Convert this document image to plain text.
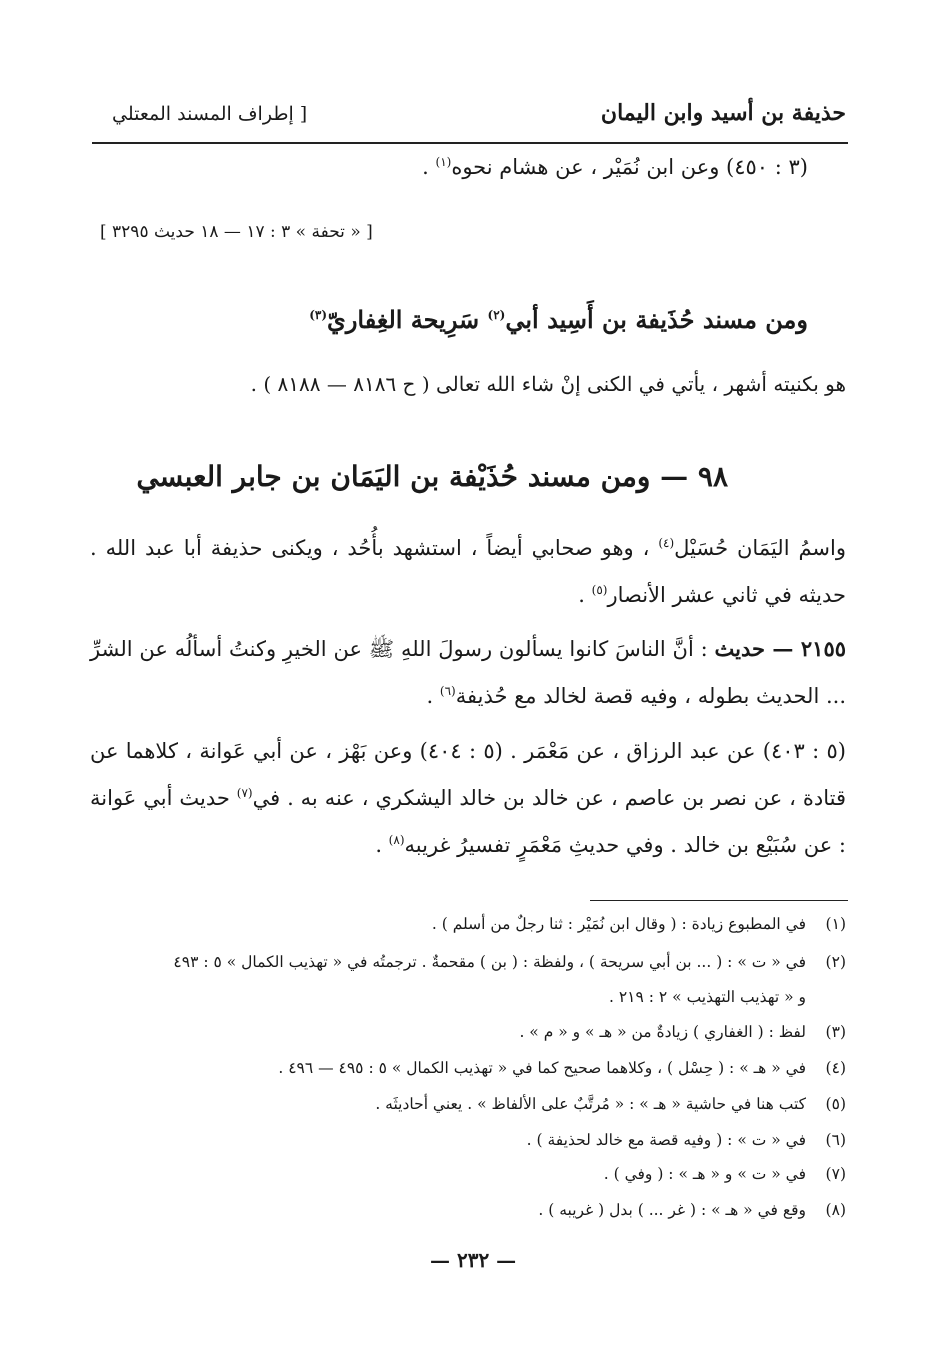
حذيفة بن أسيد وابن اليمان
[ إطراف المسند المعتلي
(٣ : ٤٥٠) وعن ابن نُمَيْر ، عن هشام نحوه$^{(١)}$ .
[ « تحفة » ٣ : ١٧ — ١٨ حديث ٣٢٩٥ ]
ومن مسند حُذَيفة بن أَسِيد أبي$^{(٢)}$ سَرِيحة الغِفاريّ$^{(٣)}$
هو بكنيته أشهر ، يأتي في الكنى إنْ شاء الله تعالى ( ح ٨١٨٦ — ٨١٨٨ ) .
٩٨ — ومن مسند حُذَيْفة بن اليَمَان بن جابر العبسي
واسمُ اليَمَان حُسَيْل$^{(٤)}$ ، وهو صحابي أيضاً ، استشهد بأُحُد ، ويكنى حذيفة أبا عبد الله . حديثه في ثاني عشر الأنصار$^{(٥)}$ .
٢١٥٥ — حديث : أنَّ الناسَ كانوا يسألون رسولَ اللهِ ﷺ عن الخيرِ وكنتُ أسألُه عن الشرِّ ... الحديث بطوله ، وفيه قصة لخالد مع حُذيفة$^{(٦)}$ .
(٥ : ٤٠٣) عن عبد الرزاق ، عن مَعْمَر . (٥ : ٤٠٤) وعن بَهْز ، عن أبي عَوانة ، كلاهما عن قتادة ، عن نصر بن عاصم ، عن خالد بن خالد اليشكري ، عنه به . في$^{(٧)}$ حديث أبي عَوانة : عن سُبَيْع بن خالد . وفي حديثِ مَعْمَرٍ تفسيرُ غريبه$^{(٨)}$ .
(١)في المطبوع زيادة : ( وقال ابن نُمَيْر : ثنا رجلٌ من أسلم ) .
(٢)في « ت » : ( ... بن أبي سريحة ) ، ولفظة : ( بن ) مقحمةٌ . ترجمتُه في « تهذيب الكمال » ٥ : ٤٩٣
و « تهذيب التهذيب » ٢ : ٢١٩ .
(٣)لفظ : ( الغفاري ) زيادةٌ من « هـ » و « م » .
(٤)في « هـ » : ( حِسْل ) ، وكلاهما صحيح كما في « تهذيب الكمال » ٥ : ٤٩٥ — ٤٩٦ .
(٥)كتب هنا في حاشية « هـ » : « مُرتَّبٌ على الألفاظ » . يعني أحاديثَه .
(٦)في « ت » : ( وفيه قصة مع خالد لحذيفة ) .
(٧)في « ت » و « هـ » : ( وفي ) .
(٨)وقع في « هـ » : ( غر ... ) بدل ( غريبه ) .
— ٢٣٢ —
